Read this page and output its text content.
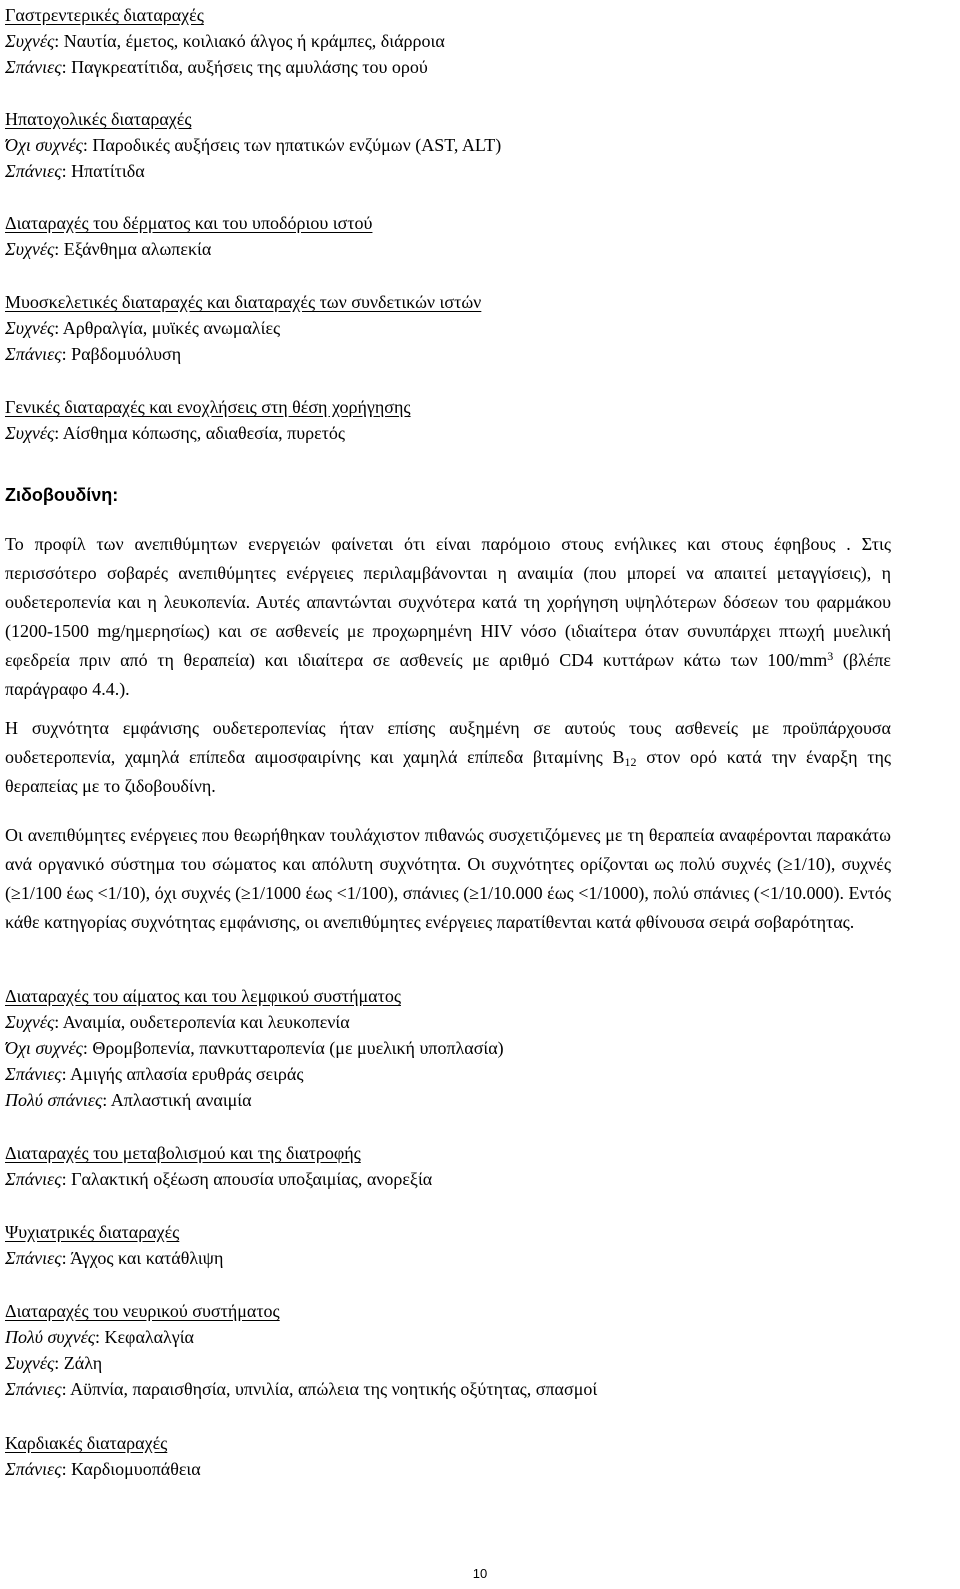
Γαστρεντερικές διαταραχές
Συχνές: Ναυτία, έμετος, κοιλιακό άλγος ή κράμπες, διάρροια
Σπάνιες: Παγκρεατίτιδα, αυξήσεις της αμυλάσης του ορού
Ηπατοχολικές διαταραχές
Όχι συχνές: Παροδικές αυξήσεις των ηπατικών ενζύμων (AST, ALT)
Σπάνιες: Ηπατίτιδα
Διαταραχές του δέρματος και του υποδόριου ιστού
Συχνές: Εξάνθημα αλωπεκία
Μυοσκελετικές διαταραχές και διαταραχές των συνδετικών ιστών
Συχνές: Αρθραλγία, μυϊκές ανωμαλίες
Σπάνιες: Ραβδομυόλυση
Γενικές διαταραχές και ενοχλήσεις στη θέση χορήγησης
Συχνές: Αίσθημα κόπωσης, αδιαθεσία, πυρετός
Ζιδοβουδίνη:
Το προφίλ των ανεπιθύμητων ενεργειών φαίνεται ότι είναι παρόμοιο στους ενήλικες και στους έφηβους . Στις περισσότερο σοβαρές ανεπιθύμητες ενέργειες περιλαμβάνονται η αναιμία (που μπορεί να απαιτεί μεταγγίσεις), η ουδετεροπενία και η λευκοπενία. Αυτές απαντώνται συχνότερα κατά τη χορήγηση υψηλότερων δόσεων του φαρμάκου (1200-1500 mg/ημερησίως) και σε ασθενείς με προχωρημένη HIV νόσο (ιδιαίτερα όταν συνυπάρχει πτωχή μυελική εφεδρεία πριν από τη θεραπεία) και ιδιαίτερα σε ασθενείς με αριθμό CD4 κυττάρων κάτω των $100/mm^3$ (βλέπε παράγραφο 4.4.).
Η συχνότητα εμφάνισης ουδετεροπενίας ήταν επίσης αυξημένη σε αυτούς τους ασθενείς με προϋπάρχουσα ουδετεροπενία, χαμηλά επίπεδα αιμοσφαιρίνης και χαμηλά επίπεδα βιταμίνης $B_{12}$ στον ορό κατά την έναρξη της θεραπείας με το ζιδοβουδίνη.
Οι ανεπιθύμητες ενέργειες που θεωρήθηκαν τουλάχιστον πιθανώς συσχετιζόμενες με τη θεραπεία αναφέρονται παρακάτω ανά οργανικό σύστημα του σώματος και απόλυτη συχνότητα. Οι συχνότητες ορίζονται ως πολύ συχνές (≥1/10), συχνές (≥1/100 έως <1/10), όχι συχνές (≥1/1000 έως <1/100), σπάνιες (≥1/10.000 έως <1/1000), πολύ σπάνιες (<1/10.000). Εντός κάθε κατηγορίας συχνότητας εμφάνισης, οι ανεπιθύμητες ενέργειες παρατίθενται κατά φθίνουσα σειρά σοβαρότητας.
Διαταραχές του αίματος και του λεμφικού συστήματος
Συχνές: Αναιμία, ουδετεροπενία και λευκοπενία
Όχι συχνές: Θρομβοπενία, πανκυτταροπενία (με μυελική υποπλασία)
Σπάνιες: Αμιγής απλασία ερυθράς σειράς
Πολύ σπάνιες: Απλαστική αναιμία
Διαταραχές του μεταβολισμού και της διατροφής
Σπάνιες: Γαλακτική οξέωση απουσία υποξαιμίας, ανορεξία
Ψυχιατρικές διαταραχές
Σπάνιες: Άγχος και κατάθλιψη
Διαταραχές του νευρικού συστήματος
Πολύ συχνές: Κεφαλαλγία
Συχνές: Ζάλη
Σπάνιες: Αϋπνία, παραισθησία, υπνιλία, απώλεια της νοητικής οξύτητας, σπασμοί
Καρδιακές διαταραχές
Σπάνιες: Καρδιομυοπάθεια
10
